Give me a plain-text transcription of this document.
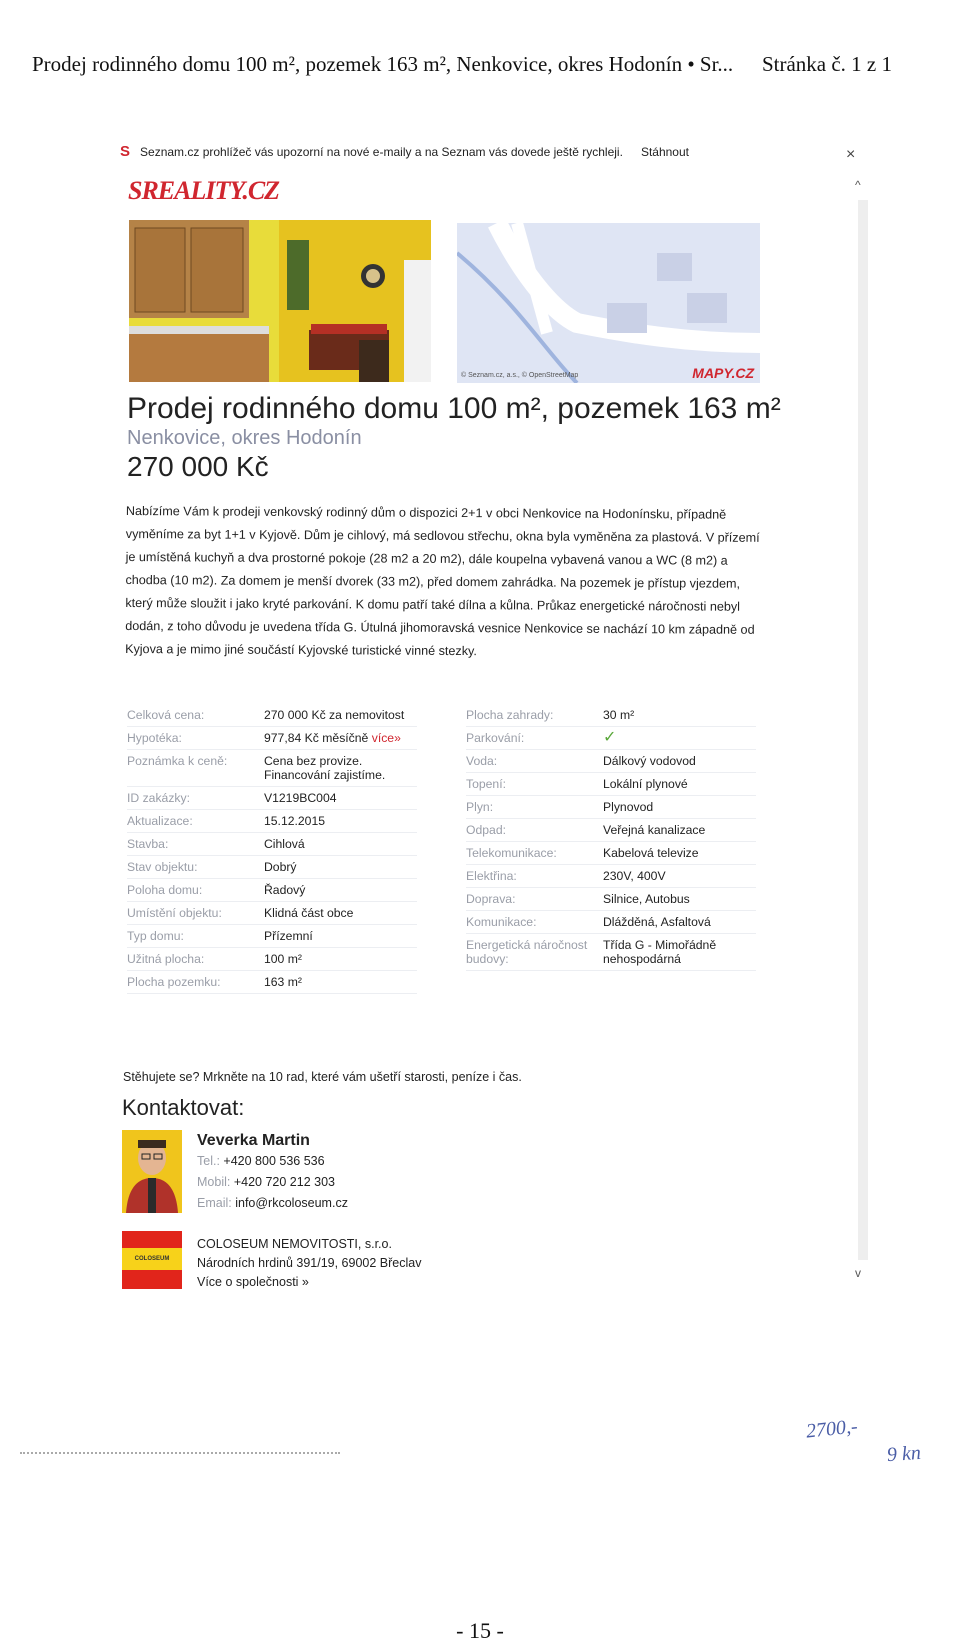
Prodej rodinného domu 100 m², pozemek 163 m², Nenkovice, okres Hodonín • Sr... Stránka č. 1 z 1
S Seznam.cz prohlížeč vás upozorní na nové e-maily a na Seznam vás dovede ještě rychleji. Stáhnout	×
^
v
SREALITY.CZ
© Seznam.cz, a.s., © OpenStreetMap	MAPY.CZ
Prodej rodinného domu 100 m², pozemek 163 m²
Nenkovice, okres Hodonín
270 000 Kč
Nabízíme Vám k prodeji venkovský rodinný dům o dispozici 2+1 v obci Nenkovice na Hodonínsku, případně vyměníme za byt 1+1 v Kyjově. Dům je cihlový, má sedlovou střechu, okna byla vyměněna za plastová. V přízemí je umístěná kuchyň a dva prostorné pokoje (28 m2 a 20 m2), dále koupelna vybavená vanou a WC (8 m2) a chodba (10 m2). Za domem je menší dvorek (33 m2), před domem zahrádka. Na pozemek je přístup vjezdem, který může sloužit i jako kryté parkování. K domu patří také dílna a kůlna. Průkaz energetické náročnosti nebyl dodán, z toho důvodu je uvedena třída G. Útulná jihomoravská vesnice Nenkovice se nachází 10 km západně od Kyjova a je mimo jiné součástí Kyjovské turistické vinné stezky.
Celková cena:	270 000 Kč za nemovitost
Hypotéka:	977,84 Kč měsíčně více»
Poznámka k ceně:	Cena bez provize. Financování zajistíme.
ID zakázky:	V1219BC004
Aktualizace:	15.12.2015
Stavba:	Cihlová
Stav objektu:	Dobrý
Poloha domu:	Řadový
Umístění objektu:	Klidná část obce
Typ domu:	Přízemní
Užitná plocha:	100 m²
Plocha pozemku:	163 m²
Plocha zahrady:	30 m²
Parkování:	✓
Voda:	Dálkový vodovod
Topení:	Lokální plynové
Plyn:	Plynovod
Odpad:	Veřejná kanalizace
Telekomunikace:	Kabelová televize
Elektřina:	230V, 400V
Doprava:	Silnice, Autobus
Komunikace:	Dlážděná, Asfaltová
Energetická náročnost budovy:
Třída G - Mimořádně nehospodárná
Stěhujete se? Mrkněte na 10 rad, které vám ušetří starosti, peníze i čas.
Kontaktovat:
Veverka Martin
Tel.: +420 800 536 536
Mobil: +420 720 212 303
Email: info@rkcoloseum.cz
COLOSEUM
COLOSEUM NEMOVITOSTI, s.r.o.
Národních hrdinů 391/19, 69002 Břeclav
Více o společnosti »
2700,-
9 kn
- 15 -
